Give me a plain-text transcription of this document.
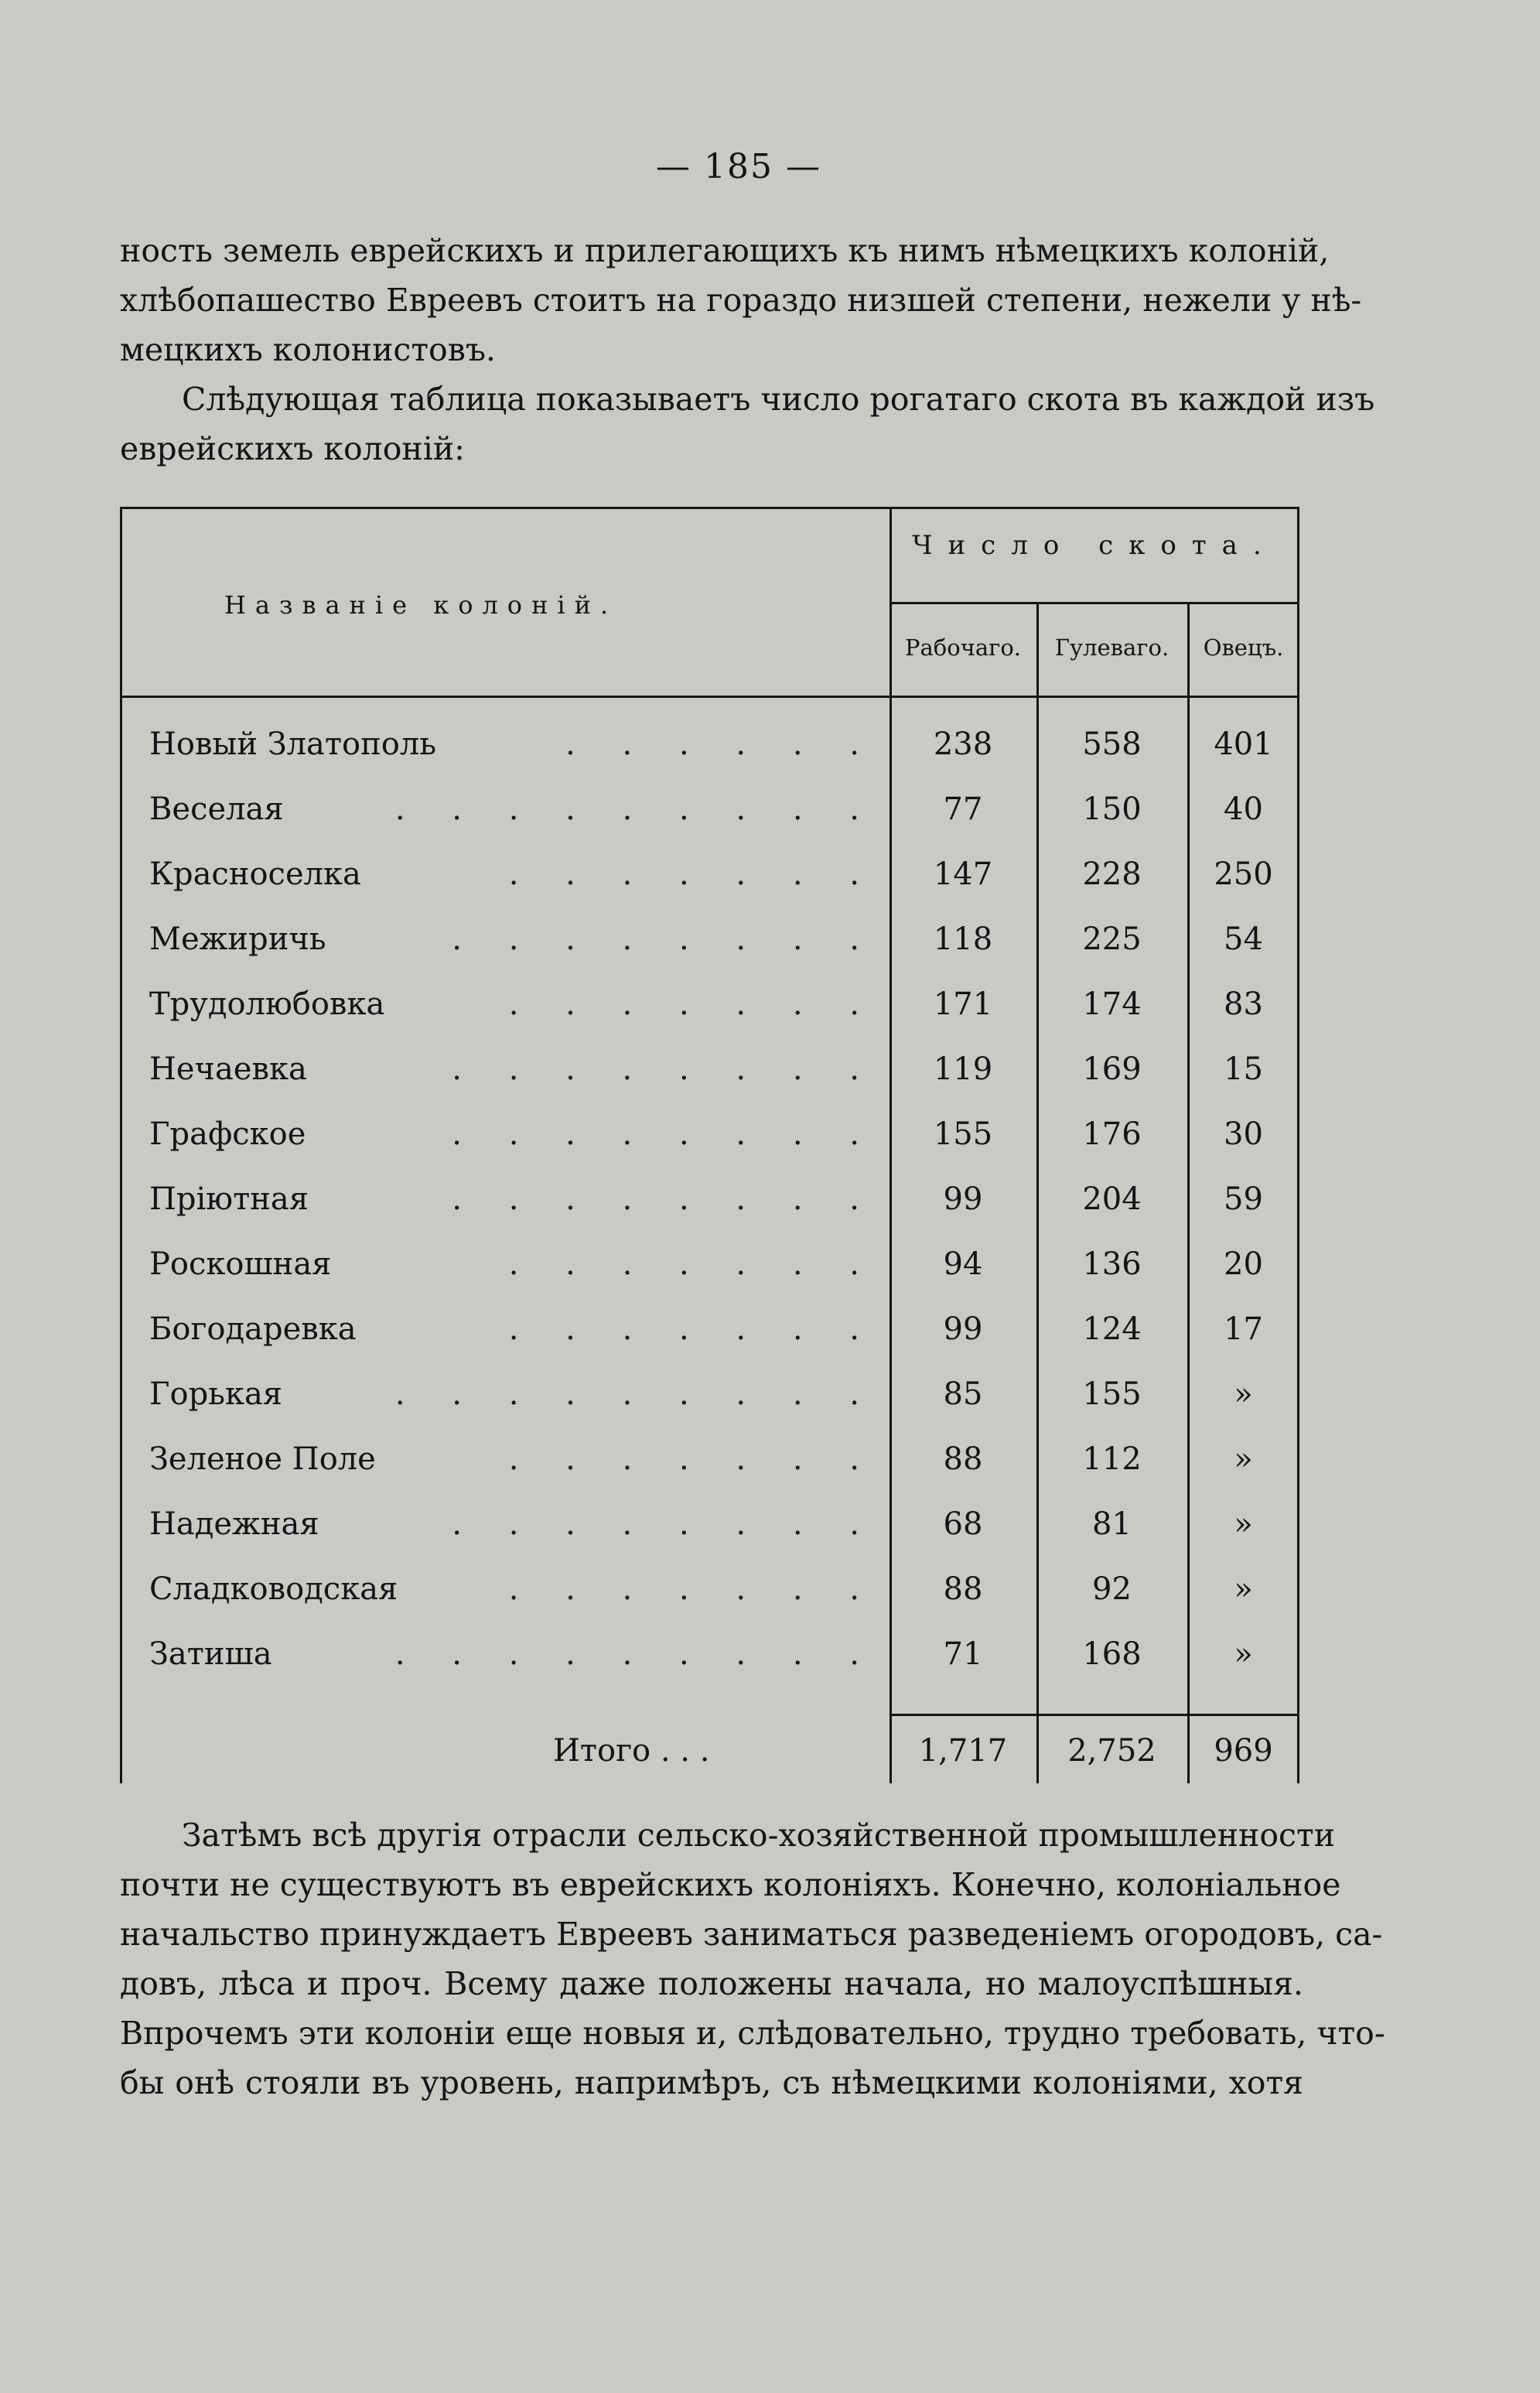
— 185 —

ность земель еврейскихъ и прилегающихъ къ нимъ нѣмецкихъ колоній,
хлѣбопашество Евреевъ стоитъ на гораздо низшей степени, нежели у нѣ-
мецкихъ колонистовъ.

Слѣдующая таблица показываетъ число рогатаго скота въ каждой изъ
еврейскихъ колоній:

Названіе колоній.
Число скота.
Рабочаго.	Гулеваго.	Овецъ.
Новый Златополь	. . . . . .	238	558	401
Веселая	. . . . . . . . .	77	150	40
Красноселка	. . . . . . .	147	228	250
Межиричь	. . . . . . . .	118	225	54
Трудолюбовка	. . . . . . .	171	174	83
Нечаевка	. . . . . . . .	119	169	15
Графское	. . . . . . . .	155	176	30
Пріютная	. . . . . . . .	99	204	59
Роскошная	. . . . . . .	94	136	20
Богодаревка	. . . . . . .	99	124	17
Горькая	. . . . . . . . .	85	155	»
Зеленое Поле	. . . . . . .	88	112	»
Надежная	. . . . . . . .	68	81	»
Сладководская	. . . . . . .	88	92	»
Затиша	. . . . . . . . .	71	168	»
Итого . . .	1,717	2,752	969

Затѣмъ всѣ другія отрасли сельско-хозяйственной промышленности
почти не существуютъ въ еврейскихъ колоніяхъ. Конечно, колоніальное
начальство принуждаетъ Евреевъ заниматься разведеніемъ огородовъ, са-
довъ, лѣса и проч. Всему даже положены начала, но малоуспѣшныя.
Впрочемъ эти колоніи еще новыя и, слѣдовательно, трудно требовать, что-
бы онѣ стояли въ уровень, напримѣръ, съ нѣмецкими колоніями, хотя
